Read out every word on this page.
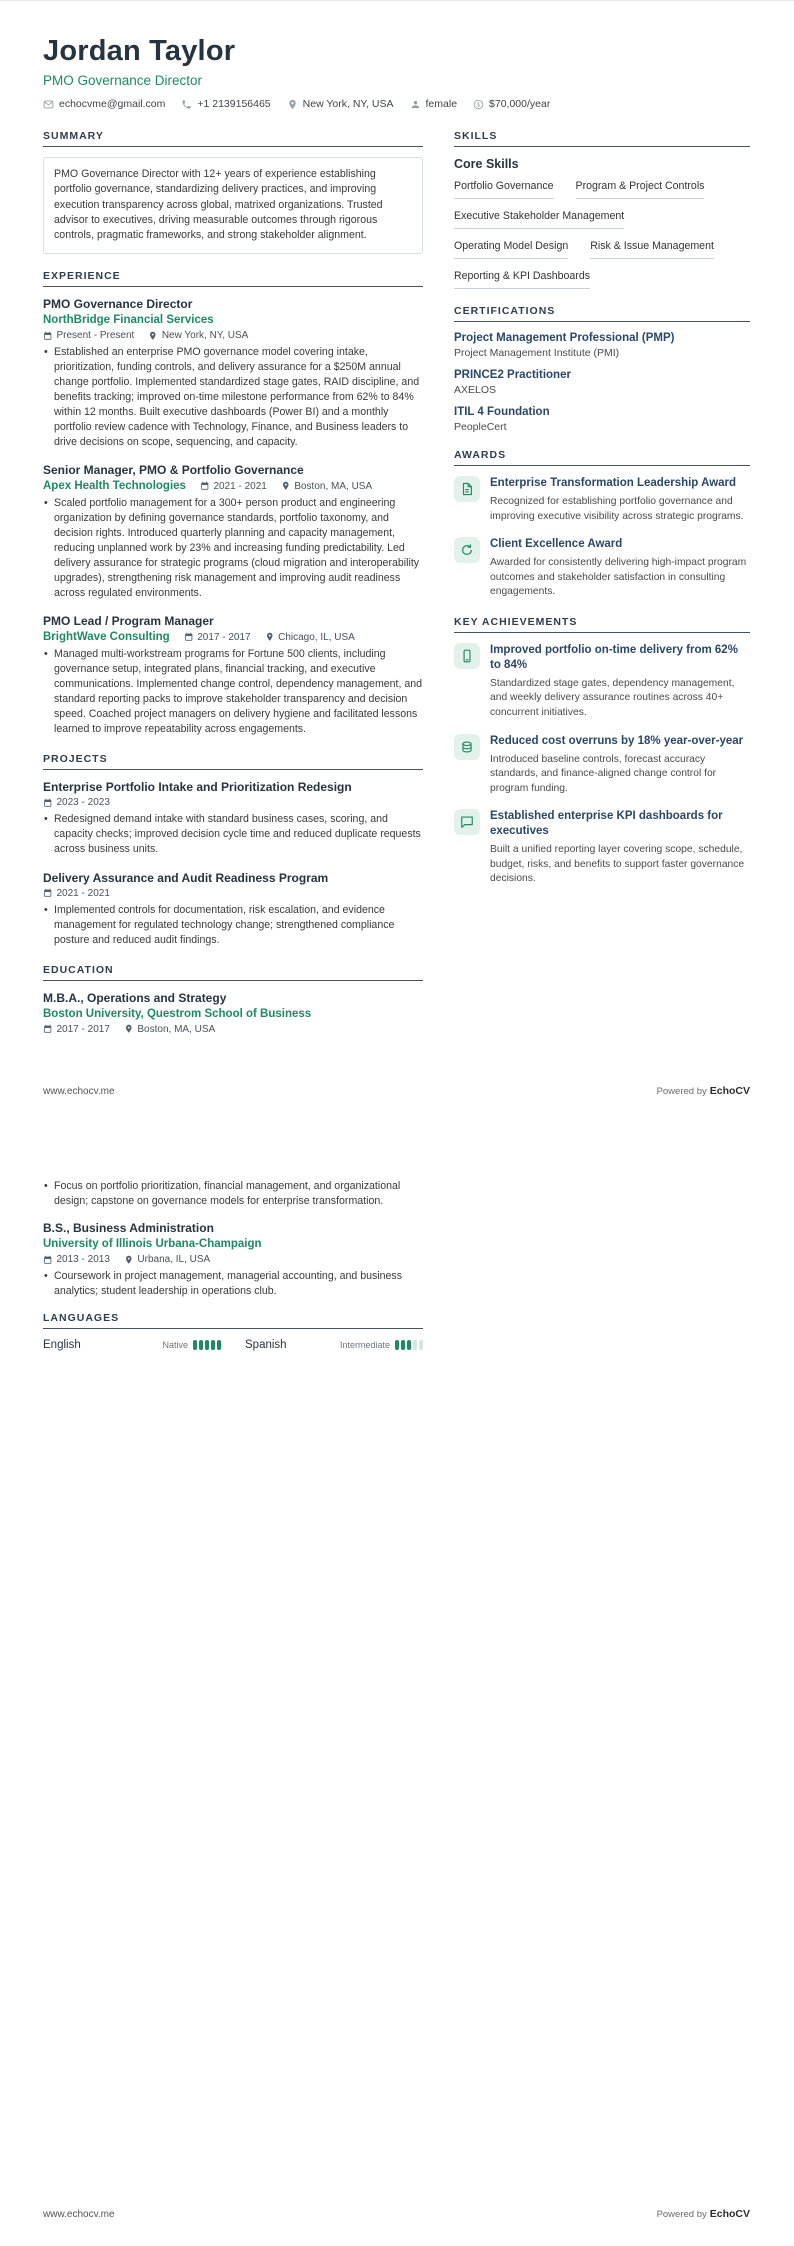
Jordan Taylor
PMO Governance Director
echocvme@gmail.com	+1 2139156465	New York, NY, USA	female	$70,000/year
SUMMARY
PMO Governance Director with 12+ years of experience establishing portfolio governance, standardizing delivery practices, and improving execution transparency across global, matrixed organizations. Trusted advisor to executives, driving measurable outcomes through rigorous controls, pragmatic frameworks, and strong stakeholder alignment.
EXPERIENCE
PMO Governance Director
NorthBridge Financial Services
Present - Present	New York, NY, USA
• Established an enterprise PMO governance model covering intake, prioritization, funding controls, and delivery assurance for a $250M annual change portfolio. Implemented standardized stage gates, RAID discipline, and benefits tracking; improved on-time milestone performance from 62% to 84% within 12 months. Built executive dashboards (Power BI) and a monthly portfolio review cadence with Technology, Finance, and Business leaders to drive decisions on scope, sequencing, and capacity.
Senior Manager, PMO & Portfolio Governance
Apex Health Technologies	2021 - 2021	Boston, MA, USA
• Scaled portfolio management for a 300+ person product and engineering organization by defining governance standards, portfolio taxonomy, and decision rights. Introduced quarterly planning and capacity management, reducing unplanned work by 23% and increasing funding predictability. Led delivery assurance for strategic programs (cloud migration and interoperability upgrades), strengthening risk management and improving audit readiness across regulated environments.
PMO Lead / Program Manager
BrightWave Consulting	2017 - 2017	Chicago, IL, USA
• Managed multi-workstream programs for Fortune 500 clients, including governance setup, integrated plans, financial tracking, and executive communications. Implemented change control, dependency management, and standard reporting packs to improve stakeholder transparency and decision speed. Coached project managers on delivery hygiene and facilitated lessons learned to improve repeatability across engagements.
PROJECTS
Enterprise Portfolio Intake and Prioritization Redesign
2023 - 2023
• Redesigned demand intake with standard business cases, scoring, and capacity checks; improved decision cycle time and reduced duplicate requests across business units.
Delivery Assurance and Audit Readiness Program
2021 - 2021
• Implemented controls for documentation, risk escalation, and evidence management for regulated technology change; strengthened compliance posture and reduced audit findings.
EDUCATION
M.B.A., Operations and Strategy
Boston University, Questrom School of Business
2017 - 2017	Boston, MA, USA
SKILLS
Core Skills
Portfolio Governance Program & Project Controls
Executive Stakeholder Management
Operating Model Design Risk & Issue Management
Reporting & KPI Dashboards
CERTIFICATIONS
Project Management Professional (PMP)
Project Management Institute (PMI)
PRINCE2 Practitioner
AXELOS
ITIL 4 Foundation
PeopleCert
AWARDS
Enterprise Transformation Leadership Award
Recognized for establishing portfolio governance and improving executive visibility across strategic programs.
Client Excellence Award
Awarded for consistently delivering high-impact program outcomes and stakeholder satisfaction in consulting engagements.
KEY ACHIEVEMENTS
Improved portfolio on-time delivery from 62% to 84%
Standardized stage gates, dependency management, and weekly delivery assurance routines across 40+ concurrent initiatives.
Reduced cost overruns by 18% year-over-year
Introduced baseline controls, forecast accuracy standards, and finance-aligned change control for program funding.
Established enterprise KPI dashboards for executives
Built a unified reporting layer covering scope, schedule, budget, risks, and benefits to support faster governance decisions.
www.echocv.me	Powered by EchoCV
• Focus on portfolio prioritization, financial management, and organizational design; capstone on governance models for enterprise transformation.
B.S., Business Administration
University of Illinois Urbana-Champaign
2013 - 2013	Urbana, IL, USA
• Coursework in project management, managerial accounting, and business analytics; student leadership in operations club.
LANGUAGES
English	Native	Spanish	Intermediate
www.echocv.me	Powered by EchoCV
